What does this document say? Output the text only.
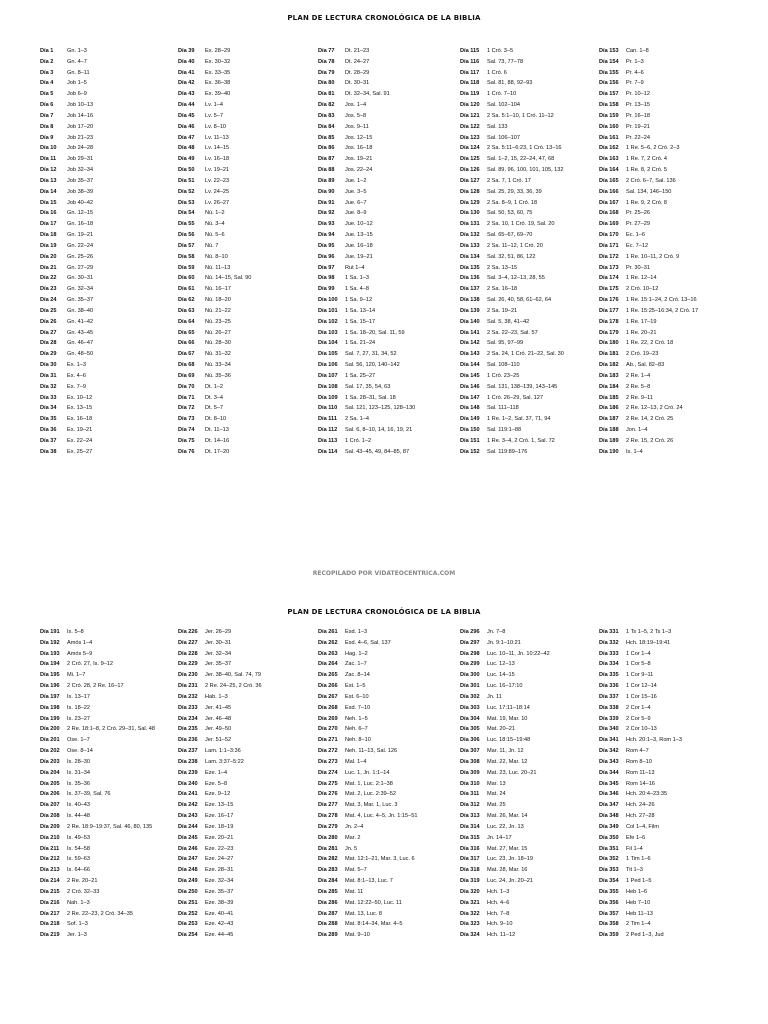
PLAN DE LECTURA CRONOLÓGICA DE LA BIBLIA
Día 1	Gn. 1–3
Día 2	Gn. 4–7
Día 3	Gn. 8–11
Día 4	Job 1–5
Día 5	Job 6–9
Día 6	Job 10–13
Día 7	Job 14–16
Día 8	Job 17–20
Día 9	Job 21–23
Día 10	Job 24–28
Día 11	Job 29–31
Día 12	Job 32–34
Día 13	Job 35–37
Día 14	Job 38–39
Día 15	Job 40–42
Día 16	Gn. 12–15
Día 17	Gn. 16–18
Día 18	Gn. 19–21
Día 19	Gn. 22–24
Día 20	Gn. 25–26
Día 21	Gn. 27–29
Día 22	Gn. 30–31
Día 23	Gn. 32–34
Día 24	Gn. 35–37
Día 25	Gn. 38–40
Día 26	Gn. 41–42
Día 27	Gn. 43–45
Día 28	Gn. 46–47
Día 29	Gn. 48–50
Día 30	Ex. 1–3
Día 31	Ex. 4–6
Día 32	Ex. 7–9
Día 33	Ex. 10–12
Día 34	Ex. 13–15
Día 35	Ex. 16–18
Día 36	Ex. 19–21
Día 37	Ex. 22–24
Día 38	Ex. 25–27
Día 39	Ex. 28–29
Día 40	Ex. 30–32
Día 41	Ex. 33–35
Día 42	Ex. 36–38
Día 43	Ex. 39–40
Día 44	Lv. 1–4
Día 45	Lv. 5–7
Día 46	Lv. 8–10
Día 47	Lv. 11–13
Día 48	Lv. 14–15
Día 49	Lv. 16–18
Día 50	Lv. 19–21
Día 51	Lv. 22–23
Día 52	Lv. 24–25
Día 53	Lv. 26–27
Día 54	Nú. 1–2
Día 55	Nú. 3–4
Día 56	Nú. 5–6
Día 57	Nú. 7
Día 58	Nú. 8–10
Día 59	Nú. 11–13
Día 60	Nú. 14–15, Sal. 90
Día 61	Nú. 16–17
Día 62	Nú. 18–20
Día 63	Nú. 21–22
Día 64	Nú. 23–25
Día 65	Nú. 26–27
Día 66	Nú. 28–30
Día 67	Nú. 31–32
Día 68	Nú. 33–34
Día 69	Nú. 35–36
Día 70	Dt. 1–2
Día 71	Dt. 3–4
Día 72	Dt. 5–7
Día 73	Dt. 8–10
Día 74	Dt. 11–13
Día 75	Dt. 14–16
Día 76	Dt. 17–20
Día 77	Dt. 21–23
Día 78	Dt. 24–27
Día 79	Dt. 28–29
Día 80	Dt. 30–31
Día 81	Dt. 32–34, Sal. 91
Día 82	Jos. 1–4
Día 83	Jos. 5–8
Día 84	Jos. 9–11
Día 85	Jos. 12–15
Día 86	Jos. 16–18
Día 87	Jos. 19–21
Día 88	Jos. 22–24
Día 89	Jue. 1–2
Día 90	Jue. 3–5
Día 91	Jue. 6–7
Día 92	Jue. 8–9
Día 93	Jue. 10–12
Día 94	Jue. 13–15
Día 95	Jue. 16–18
Día 96	Jue. 19–21
Día 97	Rut 1–4
Día 98	1 Sa. 1–3
Día 99	1 Sa. 4–8
Día 100	1 Sa. 9–12
Día 101	1 Sa. 13–14
Día 102	1 Sa. 15–17
Día 103	1 Sa. 18–20, Sal. 11, 59
Día 104	1 Sa. 21–24
Día 105	Sal. 7, 27, 31, 34, 52
Día 106	Sal. 56, 120, 140–142
Día 107	1 Sa. 25–27
Día 108	Sal. 17, 35, 54, 63
Día 109	1 Sa. 28–31, Sal. 18
Día 110	Sal. 121, 123–125, 128–130
Día 111	2 Sa. 1–4
Día 112	Sal. 6, 8–10, 14, 16, 19, 21
Día 113	1 Cró. 1–2
Día 114	Sal. 43–45, 49, 84–85, 87
Día 115	1 Cró. 3–5
Día 116	Sal. 73, 77–78
Día 117	1 Cró. 6
Día 118	Sal. 81, 88, 92–93
Día 119	1 Cró. 7–10
Día 120	Sal. 102–104
Día 121	2 Sa. 5:1–10, 1 Cró. 11–12
Día 122	Sal. 133
Día 123	Sal. 106–107
Día 124	2 Sa. 5:11–6:23, 1 Cró. 13–16
Día 125	Sal. 1–2, 15, 22–24, 47, 68
Día 126	Sal. 89, 96, 100, 101, 105, 132
Día 127	2 Sa. 7, 1 Cró. 17
Día 128	Sal. 25, 29, 33, 36, 39
Día 129	2 Sa. 8–9, 1 Cró. 18
Día 130	Sal. 50, 53, 60, 75
Día 131	2 Sa. 10, 1 Cró. 19, Sal. 20
Día 132	Sal. 65–67, 69–70
Día 133	2 Sa. 11–12, 1 Cró. 20
Día 134	Sal. 32, 51, 86, 122
Día 135	2 Sa. 13–15
Día 136	Sal. 3–4, 12–13, 28, 55
Día 137	2 Sa. 16–18
Día 138	Sal. 26, 40, 58, 61–62, 64
Día 139	2 Sa. 19–21
Día 140	Sal. 5, 38, 41–42
Día 141	2 Sa. 22–23, Sal. 57
Día 142	Sal. 95, 97–99
Día 143	2 Sa. 24, 1 Cró. 21–22, Sal. 30
Día 144	Sal. 108–110
Día 145	1 Cró. 23–25
Día 146	Sal. 131, 138–139, 143–145
Día 147	1 Cró. 26–29, Sal. 127
Día 148	Sal. 111–118
Día 149	1 Re. 1–2, Sal. 37, 71, 94
Día 150	Sal. 119:1–88
Día 151	1 Re. 3–4, 2 Cró. 1, Sal. 72
Día 152	Sal. 119:89–176
Día 153	Can. 1–8
Día 154	Pr. 1–3
Día 155	Pr. 4–6
Día 156	Pr. 7–9
Día 157	Pr. 10–12
Día 158	Pr. 13–15
Día 159	Pr. 16–18
Día 160	Pr. 19–21
Día 161	Pr. 22–24
Día 162	1 Re. 5–6, 2 Cró. 2–3
Día 163	1 Re. 7, 2 Cró. 4
Día 164	1 Re. 8, 2 Cró. 5
Día 165	2 Cró. 6–7, Sal. 136
Día 166	Sal. 134, 146–150
Día 167	1 Re. 9, 2 Cró. 8
Día 168	Pr. 25–26
Día 169	Pr. 27–29
Día 170	Ec. 1–6
Día 171	Ec. 7–12
Día 172	1 Re. 10–11, 2 Cró. 9
Día 173	Pr. 30–31
Día 174	1 Re. 12–14
Día 175	2 Cró. 10–12
Día 176	1 Re. 15:1–24, 2 Cró. 13–16
Día 177	1 Re. 15:25–16:34, 2 Cró. 17
Día 178	1 Re. 17–19
Día 179	1 Re. 20–21
Día 180	1 Re. 22, 2 Cró. 18
Día 181	2 Cró. 19–23
Día 182	Ab., Sal. 82–83
Día 183	2 Re. 1–4
Día 184	2 Re. 5–8
Día 185	2 Re. 9–11
Día 186	2 Re. 12–13, 2 Cró. 24
Día 187	2 Re. 14, 2 Cró. 25
Día 188	Jon. 1–4
Día 189	2 Re. 15, 2 Cró. 26
Día 190	Is. 1–4
RECOPILADO POR VIDATEOCENTRICA.COM
PLAN DE LECTURA CRONOLÓGICA DE LA BIBLIA
Día 191	Is. 5–8
Día 192	Amós 1–4
Día 193	Amós 5–9
Día 194	2 Cró. 27, Is. 9–12
Día 195	Mi. 1–7
Día 196	2 Cró. 28, 2 Re. 16–17
Día 197	Is. 13–17
Día 198	Is. 18–22
Día 199	Is. 23–27
Día 200	2 Re. 18:1–8, 2 Cró. 29–31, Sal. 48
Día 201	Ose. 1–7
Día 202	Ose. 8–14
Día 203	Is. 28–30
Día 204	Is. 31–34
Día 205	Is. 35–36
Día 206	Is. 37–39, Sal. 76
Día 207	Is. 40–43
Día 208	Is. 44–48
Día 209	2 Re. 18:9–19:37, Sal. 46, 80, 135
Día 210	Is. 49–53
Día 211	Is. 54–58
Día 212	Is. 59–63
Día 213	Is. 64–66
Día 214	2 Re. 20–21
Día 215	2 Cró. 32–33
Día 216	Nah. 1–3
Día 217	2 Re. 22–23, 2 Cró. 34–35
Día 218	Sof. 1–3
Día 219	Jer. 1–3
Día 226	Jer. 26–29
Día 227	Jer. 30–31
Día 228	Jer. 32–34
Día 229	Jer. 35–37
Día 230	Jer. 38–40, Sal. 74, 79
Día 231	2 Re. 24–25, 2 Cró. 36
Día 232	Hab. 1–3
Día 233	Jer. 41–45
Día 234	Jer. 46–48
Día 235	Jer. 49–50
Día 236	Jer. 51–52
Día 237	Lam. 1:1–3:36
Día 238	Lam. 3:37–5:22
Día 239	Eze. 1–4
Día 240	Eze. 5–8
Día 241	Eze. 9–12
Día 242	Eze. 13–15
Día 243	Eze. 16–17
Día 244	Eze. 18–19
Día 245	Eze. 20–21
Día 246	Eze. 22–23
Día 247	Eze. 24–27
Día 248	Eze. 28–31
Día 249	Eze. 32–34
Día 250	Eze. 35–37
Día 251	Eze. 38–39
Día 252	Eze. 40–41
Día 253	Eze. 42–43
Día 254	Eze. 44–45
Día 261	Esd. 1–3
Día 262	Esd. 4–6, Sal. 137
Día 263	Hag. 1–2
Día 264	Zac. 1–7
Día 265	Zac. 8–14
Día 266	Est. 1–5
Día 267	Est. 6–10
Día 268	Esd. 7–10
Día 269	Neh. 1–5
Día 270	Neh. 6–7
Día 271	Neh. 8–10
Día 272	Neh. 11–13, Sal. 126
Día 273	Mal. 1–4
Día 274	Luc. 1, Jn. 1:1–14
Día 275	Mat. 1, Luc. 2:1–38
Día 276	Mat. 2, Luc. 2:39–52
Día 277	Mat. 3, Mar. 1, Luc. 3
Día 278	Mat. 4, Luc. 4–5, Jn. 1:15–51
Día 279	Jn. 2–4
Día 280	Mar. 2
Día 281	Jn. 5
Día 282	Mat. 12:1–21, Mar. 3, Luc. 6
Día 283	Mat. 5–7
Día 284	Mat. 8:1–13, Luc. 7
Día 285	Mat. 11
Día 286	Mat. 12:22–50, Luc. 11
Día 287	Mat. 13, Luc. 8
Día 288	Mat. 8:14–34, Mar. 4–5
Día 289	Mat. 9–10
Día 296	Jn. 7–8
Día 297	Jn. 9:1–10:21
Día 298	Luc. 10–11, Jn. 10:22–42
Día 299	Luc. 12–13
Día 300	Luc. 14–15
Día 301	Luc. 16–17:10
Día 302	Jn. 11
Día 303	Luc. 17:11–18:14
Día 304	Mat. 19, Mar. 10
Día 305	Mat. 20–21
Día 306	Luc. 18:15–19:48
Día 307	Mar. 11, Jn. 12
Día 308	Mat. 22, Mar. 12
Día 309	Mat. 23, Luc. 20–21
Día 310	Mar. 13
Día 311	Mat. 24
Día 312	Mat. 25
Día 313	Mat. 26, Mar. 14
Día 314	Luc. 22, Jn. 13
Día 315	Jn. 14–17
Día 316	Mat. 27, Mar. 15
Día 317	Luc. 23, Jn. 18–19
Día 318	Mat. 28, Mar. 16
Día 319	Luc. 24, Jn. 20–21
Día 320	Hch. 1–3
Día 321	Hch. 4–6
Día 322	Hch. 7–8
Día 323	Hch. 9–10
Día 324	Hch. 11–12
Día 331	1 Ts 1–5, 2 Ts 1–3
Día 332	Hch. 18:19–19:41
Día 333	1 Cor 1–4
Día 334	1 Cor 5–8
Día 335	1 Cor 9–11
Día 336	1 Cor 12–14
Día 337	1 Cor 15–16
Día 338	2 Cor 1–4
Día 339	2 Cor 5–9
Día 340	2 Cor 10–13
Día 341	Hch. 20:1–3, Rom 1–3
Día 342	Rom 4–7
Día 343	Rom 8–10
Día 344	Rom 11–13
Día 345	Rom 14–16
Día 346	Hch. 20:4–23:35
Día 347	Hch. 24–26
Día 348	Hch. 27–28
Día 349	Col 1–4, Film
Día 350	Efe 1–6
Día 351	Fil 1–4
Día 352	1 Tim 1–6
Día 353	Tit 1–3
Día 354	1 Ped 1–5
Día 355	Heb 1–6
Día 356	Heb 7–10
Día 357	Heb 11–13
Día 358	2 Tim 1–4
Día 359	2 Ped 1–3, Jud
